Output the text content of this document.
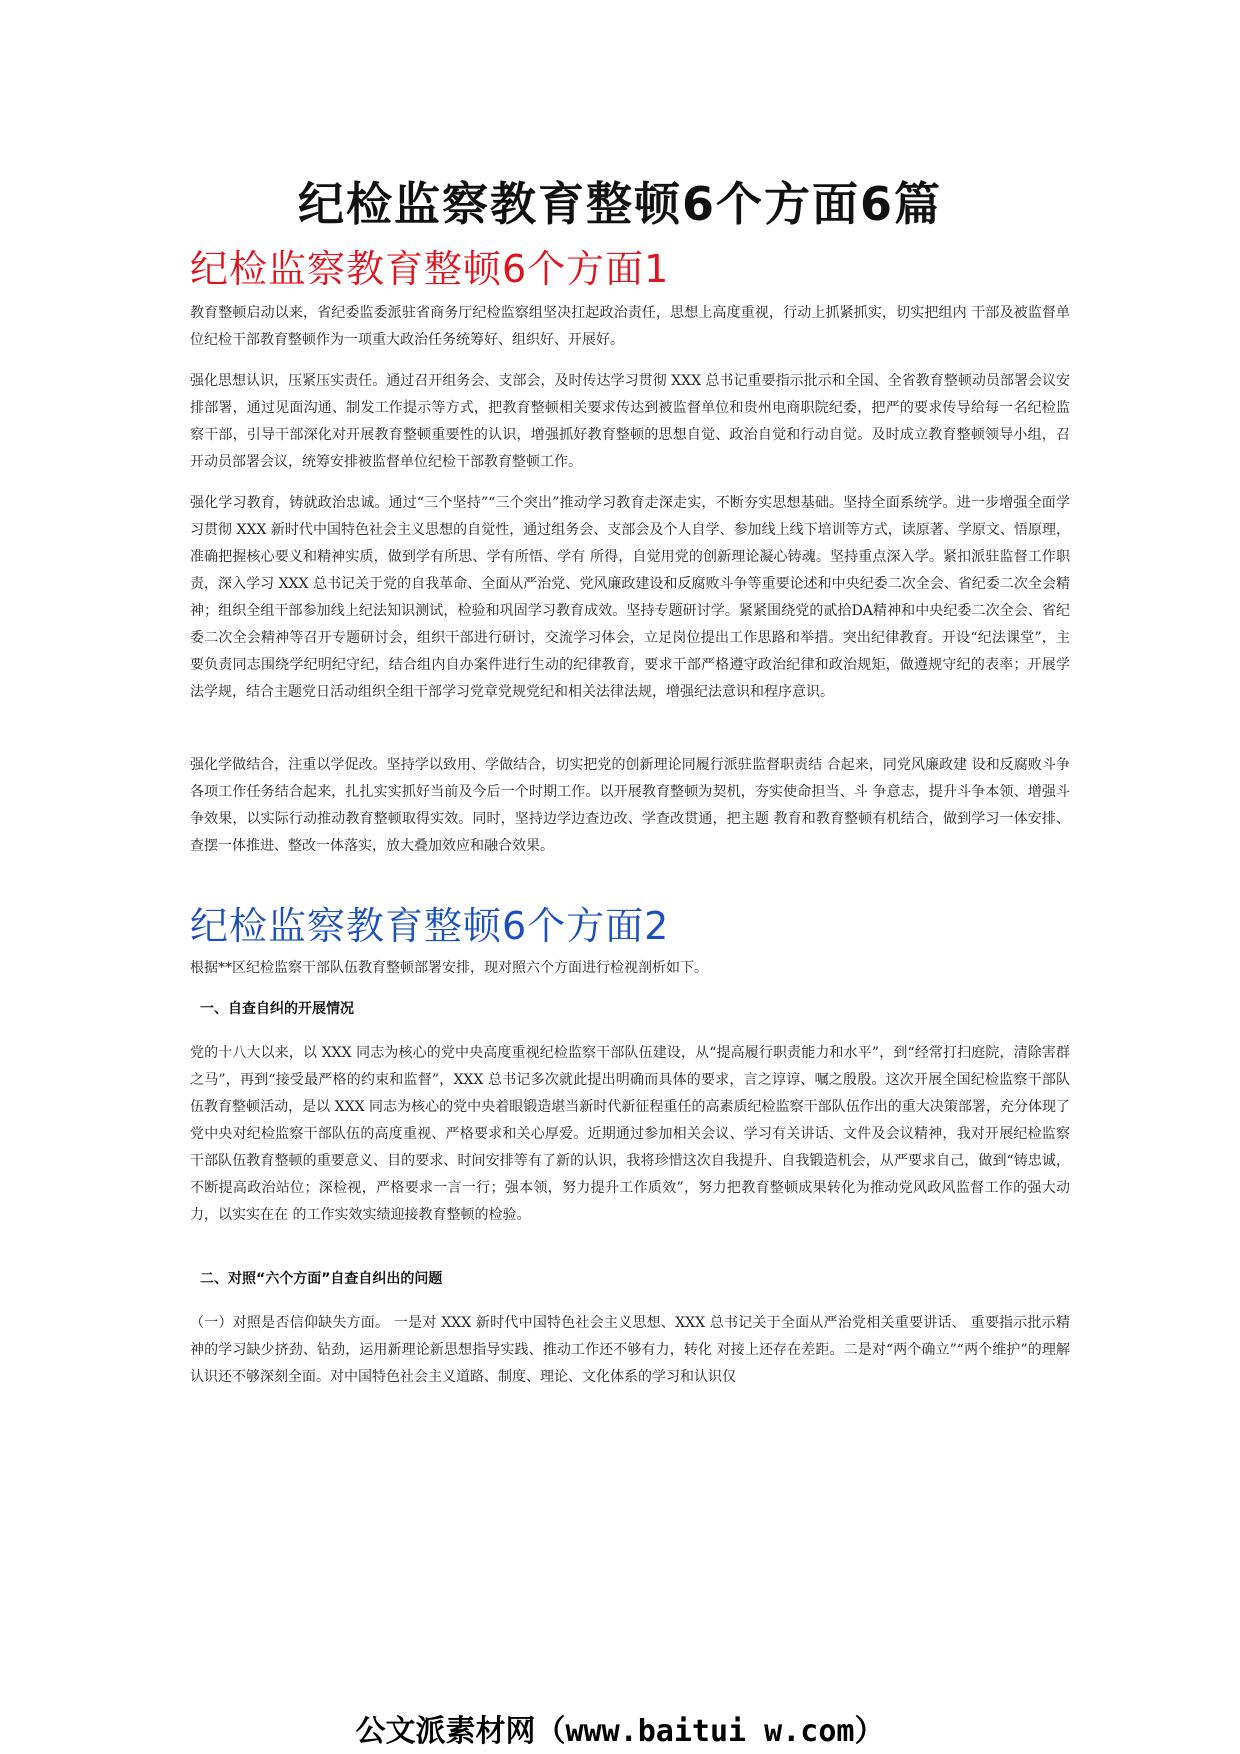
纪检监察教育整顿6个方面6篇
纪检监察教育整顿6个方面1

教育整顿启动以来，省纪委监委派驻省商务厅纪检监察组坚决扛起政治责任，思想上高度重视，行动上抓紧抓实，切实把组内 干部及被监督单位纪检干部教育整顿作为一项重大政治任务统筹好、组织好、开展好。

强化思想认识，压紧压实责任。通过召开组务会、支部会，及时传达学习贯彻 XXX 总书记重要指示批示和全国、全省教育整顿动员部署会议安排部署，通过见面沟通、制发工作提示等方式，把教育整顿相关要求传达到被监督单位和贵州电商职院纪委，把严的要求传导给每一名纪检监察干部，引导干部深化对开展教育整顿重要性的认识，增强抓好教育整顿的思想自觉、政治自觉和行动自觉。及时成立教育整顿领导小组，召开动员部署会议，统筹安排被监督单位纪检干部教育整顿工作。

强化学习教育，铸就政治忠诚。通过“三个坚持”“三个突出”推动学习教育走深走实，不断夯实思想基础。坚持全面系统学。进一步增强全面学习贯彻 XXX 新时代中国特色社会主义思想的自觉性，通过组务会、支部会及个人自学、参加线上线下培训等方式，读原著、学原文、悟原理，准确把握核心要义和精神实质，做到学有所思、学有所悟、学有 所得，自觉用党的创新理论凝心铸魂。坚持重点深入学。紧扣派驻监督工作职责，深入学习 XXX 总书记关于党的自我革命、全面从严治党、党风廉政建设和反腐败斗争等重要论述和中央纪委二次全会、省纪委二次全会精神；组织全组干部参加线上纪法知识测试，检验和巩固学习教育成效。坚持专题研讨学。紧紧围绕党的贰拾DA精神和中央纪委二次全会、省纪委二次全会精神等召开专题研讨会，组织干部进行研讨，交流学习体会，立足岗位提出工作思路和举措。突出纪律教育。开设“纪法课堂”，主要负责同志围绕学纪明纪守纪，结合组内自办案件进行生动的纪律教育，要求干部严格遵守政治纪律和政治规矩，做遵规守纪的表率；开展学法学规，结合主题党日活动组织全组干部学习党章党规党纪和相关法律法规，增强纪法意识和程序意识。

强化学做结合，注重以学促改。坚持学以致用、学做结合，切实把党的创新理论同履行派驻监督职责结 合起来，同党风廉政建 设和反腐败斗争各项工作任务结合起来，扎扎实实抓好当前及今后一个时期工作。以开展教育整顿为契机，夯实使命担当、斗 争意志，提升斗争本领、增强斗争效果，以实际行动推动教育整顿取得实效。同时，坚持边学边查边改、学查改贯通，把主题 教育和教育整顿有机结合，做到学习一体安排、查摆一体推进、整改一体落实，放大叠加效应和融合效果。

纪检监察教育整顿6个方面2

根据**区纪检监察干部队伍教育整顿部署安排，现对照六个方面进行检视剖析如下。

一、自查自纠的开展情况

党的十八大以来，以 XXX 同志为核心的党中央高度重视纪检监察干部队伍建设，从“提高履行职责能力和水平”，到“经常打扫庭院，清除害群之马”，再到“接受最严格的约束和监督”，XXX 总书记多次就此提出明确而具体的要求，言之谆谆、嘱之殷殷。这次开展全国纪检监察干部队伍教育整顿活动，是以 XXX 同志为核心的党中央着眼锻造堪当新时代新征程重任的高素质纪检监察干部队伍作出的重大决策部署，充分体现了党中央对纪检监察干部队伍的高度重视、严格要求和关心厚爱。近期通过参加相关会议、学习有关讲话、文件及会议精神，我对开展纪检监察干部队伍教育整顿的重要意义、目的要求、时间安排等有了新的认识，我将珍惜这次自我提升、自我锻造机会，从严要求自己，做到“铸忠诚，不断提高政治站位；深检视，严格要求一言一行；强本领，努力提升工作质效”，努力把教育整顿成果转化为推动党风政风监督工作的强大动力，以实实在在 的工作实效实绩迎接教育整顿的检验。

二、对照“六个方面”自查自纠出的问题

（一）对照是否信仰缺失方面。 一是对 XXX 新时代中国特色社会主义思想、XXX 总书记关于全面从严治党相关重要讲话、 重要指示批示精神的学习缺少挤劲、钻劲，运用新理论新思想指导实践、推动工作还不够有力，转化 对接上还存在差距。二是对“两个确立”“两个维护”的理解认识还不够深刻全面。对中国特色社会主义道路、制度、理论、文化体系的学习和认识仅

公文派素材网（www.baitui w.com）
